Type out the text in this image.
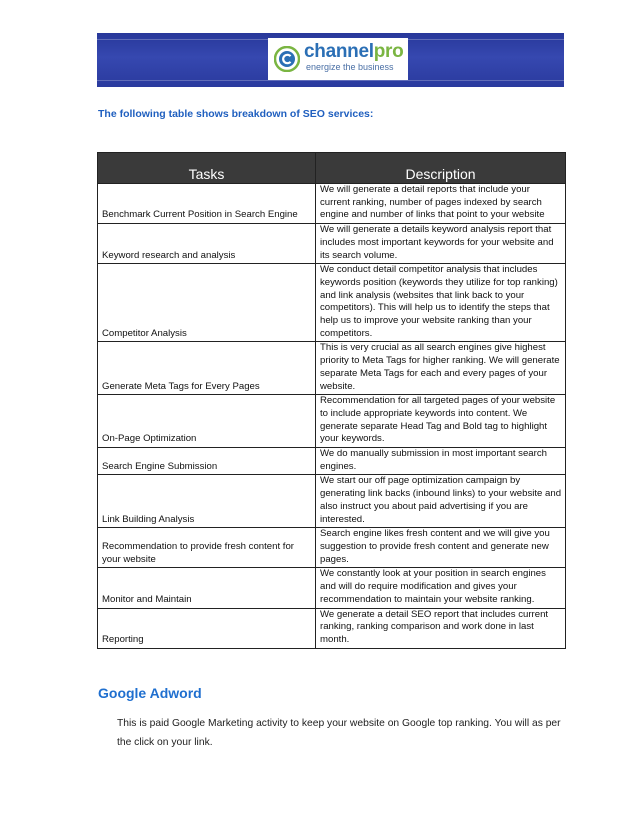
channelpro
energize the business
The following table shows breakdown of SEO services:
Tasks	Description
Benchmark Current Position in Search Engine	We will generate a detail reports that include your current ranking, number of pages indexed by search engine and number of links that point to your website
Keyword research and analysis	We will generate a details keyword analysis report that includes most important keywords for your website and its search volume.
Competitor Analysis	We conduct detail competitor analysis that includes keywords position (keywords they utilize for top ranking) and link analysis (websites that link back to your competitors). This will help us to identify the steps that help us to improve your website ranking than your competitors.
Generate Meta Tags for Every Pages	This is very crucial as all search engines give highest priority to Meta Tags for higher ranking. We will generate separate Meta Tags for each and every pages of your website.
On-Page Optimization	Recommendation for all targeted pages of your website to include appropriate keywords into content. We generate separate Head Tag and Bold tag to highlight your keywords.
Search Engine Submission	We do manually submission in most important search engines.
Link Building Analysis	We start our off page optimization campaign by generating link backs (inbound links) to your website and also instruct you about paid advertising if you are interested.
Recommendation to provide fresh content for your website	Search engine likes fresh content and we will give you suggestion to provide fresh content and generate new pages.
Monitor and Maintain	We constantly look at your position in search engines and will do require modification and gives your recommendation to maintain your website ranking.
Reporting	We generate a detail SEO report that includes current ranking, ranking comparison and work done in last month.
Google Adword
This is paid Google Marketing activity to keep your website on Google top ranking. You will as per the click on your link.
